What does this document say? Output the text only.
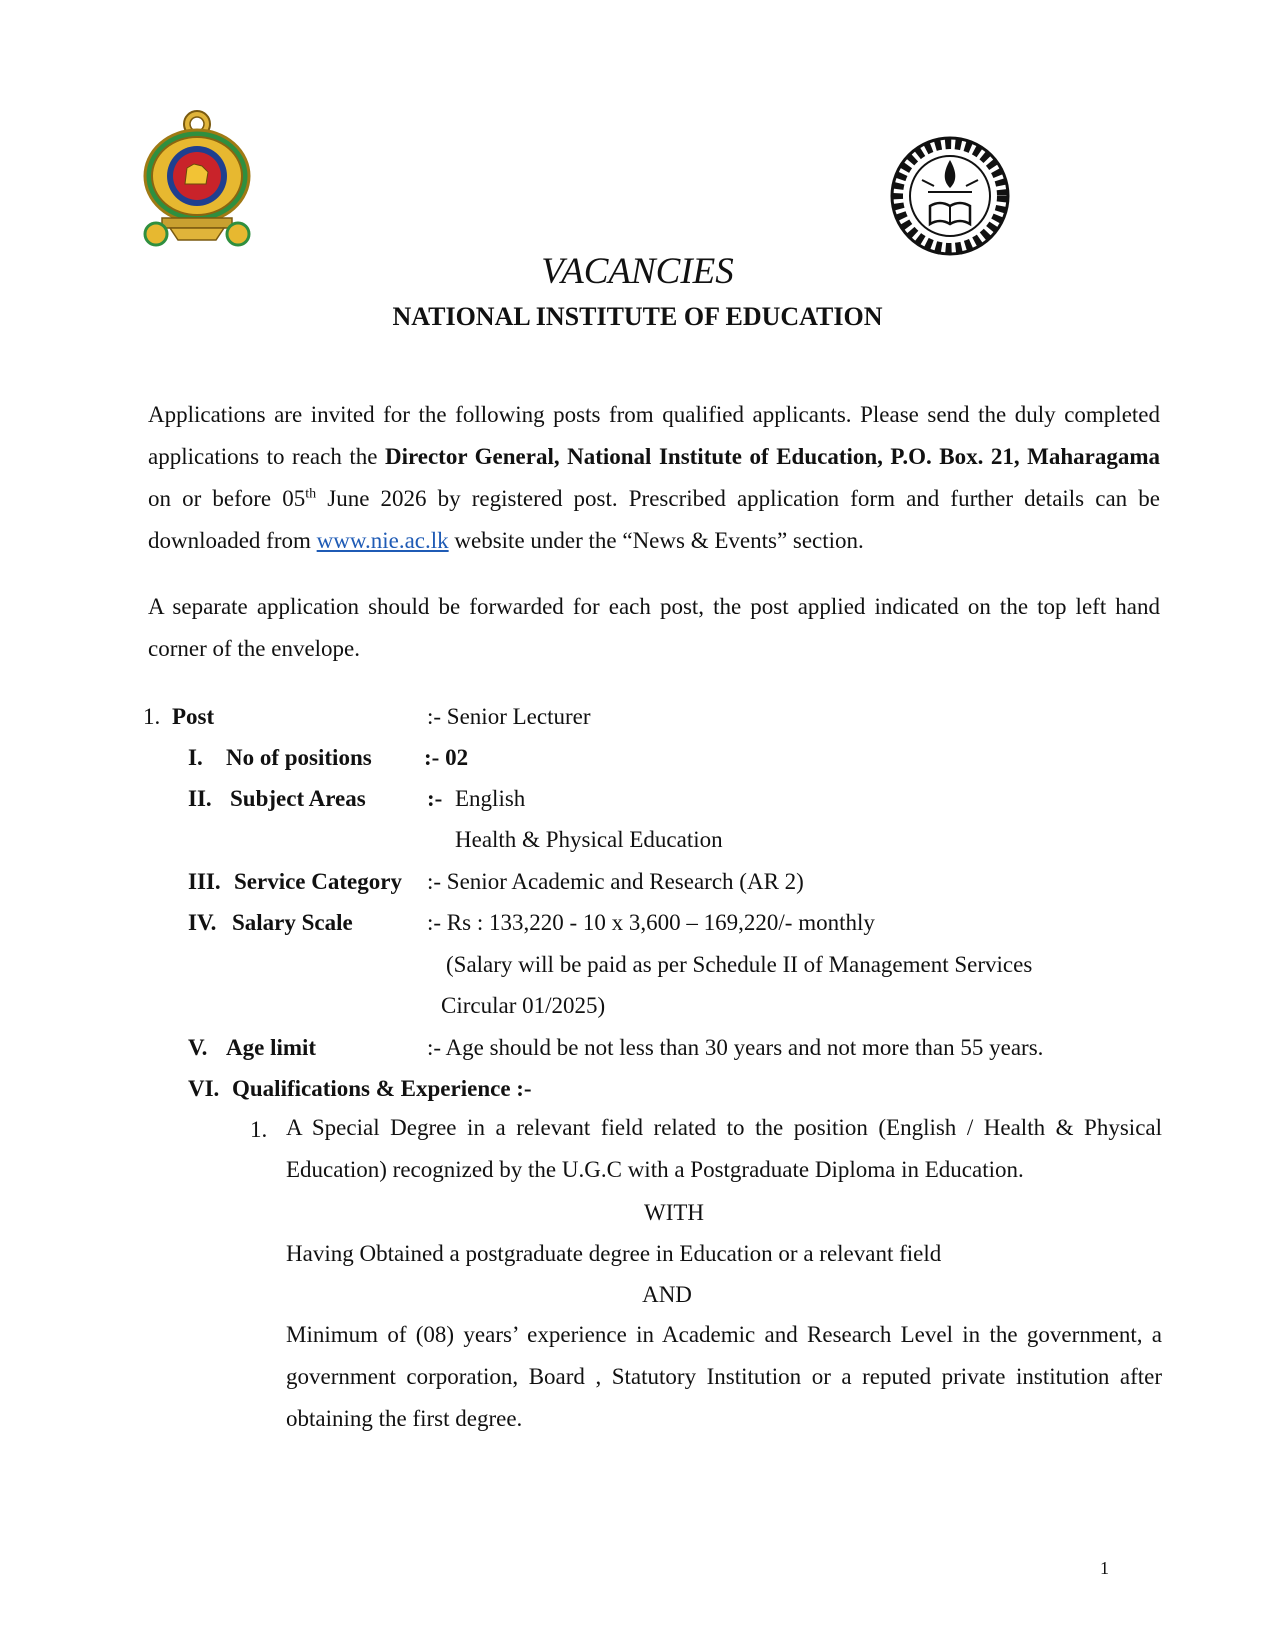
VACANCIES
NATIONAL INSTITUTE OF EDUCATION
Applications are invited for the following posts from qualified applicants. Please send the duly completed applications to reach the Director General, National Institute of Education, P.O. Box. 21, Maharagama on or before 05th June 2026 by registered post. Prescribed application form and further details can be downloaded from www.nie.ac.lk website under the “News & Events” section.
A separate application should be forwarded for each post, the post applied indicated on the top left hand corner of the envelope.
1. Post	:- Senior Lecturer
I. No of positions :- 02
II. Subject Areas	:- English
Health & Physical Education
III. Service Category :- Senior Academic and Research (AR 2)
IV. Salary Scale	:- Rs : 133,220 - 10 x 3,600 – 169,220/- monthly
(Salary will be paid as per Schedule II of Management Services
Circular 01/2025)
V. Age limit	:- Age should be not less than 30 years and not more than 55 years.
VI. Qualifications & Experience :-
1. A Special Degree in a relevant field related to the position (English / Health & Physical Education) recognized by the U.G.C with a Postgraduate Diploma in Education.
WITH
Having Obtained a postgraduate degree in Education or a relevant field
AND
Minimum of (08) years’ experience in Academic and Research Level in the government, a government corporation, Board , Statutory Institution or a reputed private institution after obtaining the first degree.
1
